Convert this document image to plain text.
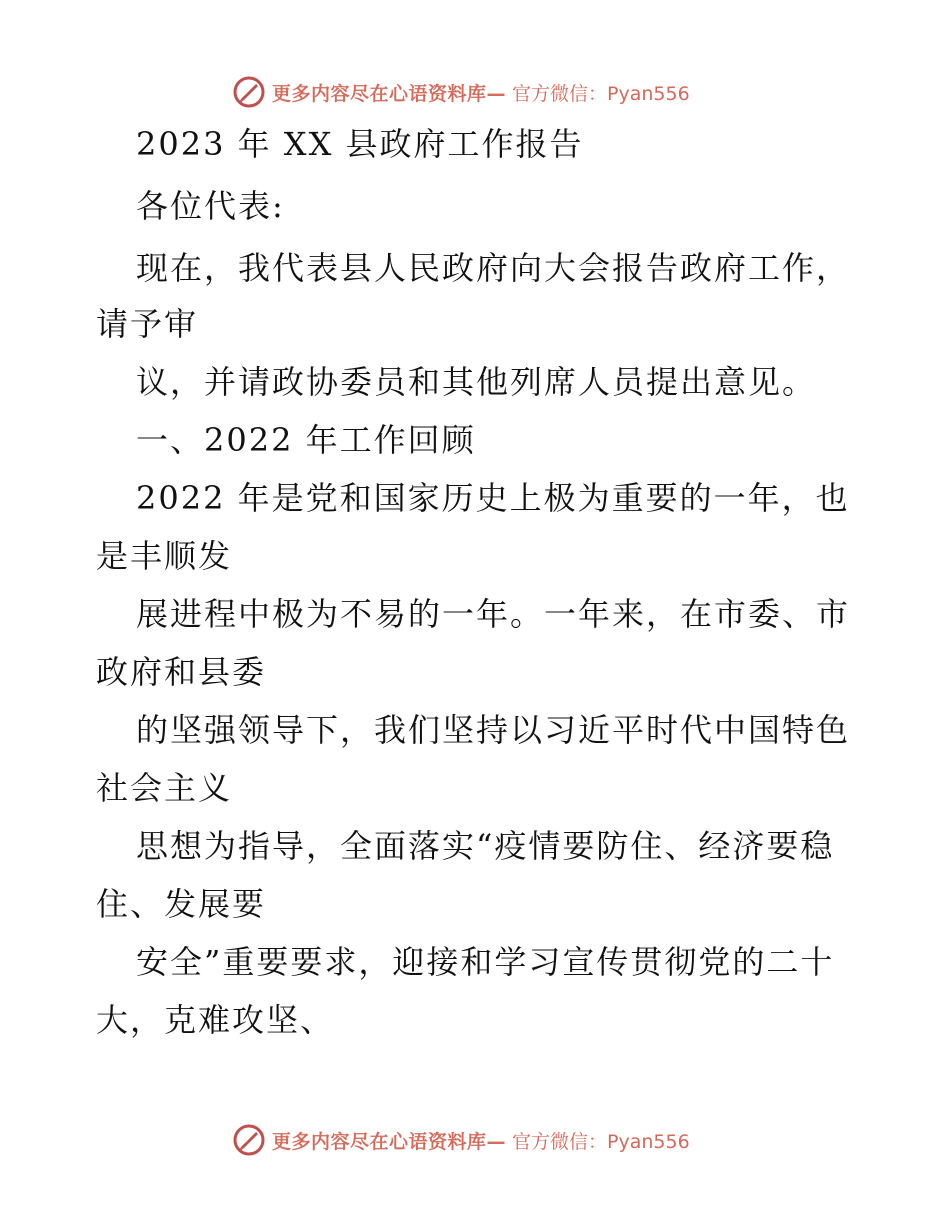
更多内容尽在心语资料库— 官方微信：Pyan556
2023 年 XX 县政府工作报告
各位代表:
现在，我代表县人民政府向大会报告政府工作，
请予审
议，并请政协委员和其他列席人员提出意见。
一、2022 年工作回顾
2022 年是党和国家历史上极为重要的一年，也
是丰顺发
展进程中极为不易的一年。一年来，在市委、市
政府和县委
的坚强领导下，我们坚持以习近平时代中国特色
社会主义
思想为指导，全面落实“疫情要防住、经济要稳
住、发展要
安全”重要要求，迎接和学习宣传贯彻党的二十
大，克难攻坚、
更多内容尽在心语资料库— 官方微信：Pyan556
